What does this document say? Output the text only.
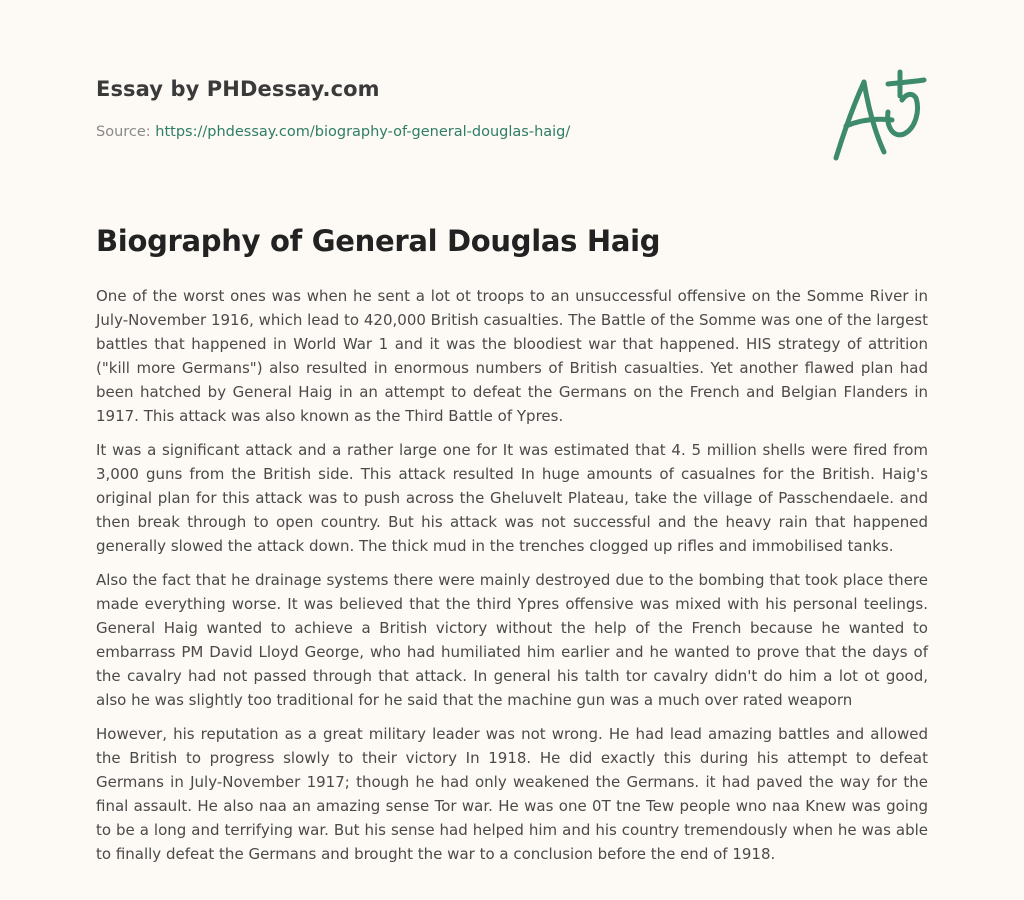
Essay by PHDessay.com
Source: https://phdessay.com/biography-of-general-douglas-haig/
Biography of General Douglas Haig

One of the worst ones was when he sent a lot ot troops to an unsuccessful offensive on the Somme River in July-November 1916, which lead to 420,000 British casualties. The Battle of the Somme was one of the largest battles that happened in World War 1 and it was the bloodiest war that happened. HIS strategy of attrition ("kill more Germans") also resulted in enormous numbers of British casualties. Yet another flawed plan had been hatched by General Haig in an attempt to defeat the Germans on the French and Belgian Flanders in 1917. This attack was also known as the Third Battle of Ypres.

It was a significant attack and a rather large one for It was estimated that 4. 5 million shells were fired from 3,000 guns from the British side. This attack resulted In huge amounts of casualnes for the British. Haig's original plan for this attack was to push across the Gheluvelt Plateau, take the village of Passchendaele. and then break through to open country. But his attack was not successful and the heavy rain that happened generally slowed the attack down. The thick mud in the trenches clogged up rifles and immobilised tanks.

Also the fact that he drainage systems there were mainly destroyed due to the bombing that took place there made everything worse. It was believed that the third Ypres offensive was mixed with his personal teelings. General Haig wanted to achieve a British victory without the help of the French because he wanted to embarrass PM David Lloyd George, who had humiliated him earlier and he wanted to prove that the days of the cavalry had not passed through that attack. In general his talth tor cavalry didn't do him a lot ot good, also he was slightly too traditional for he said that the machine gun was a much over rated weaporn

However, his reputation as a great military leader was not wrong. He had lead amazing battles and allowed the British to progress slowly to their victory In 1918. He did exactly this during his attempt to defeat Germans in July-November 1917; though he had only weakened the Germans. it had paved the way for the final assault. He also naa an amazing sense Tor war. He was one 0T tne Tew people wno naa Knew was going to be a long and terrifying war. But his sense had helped him and his country tremendously when he was able to finally defeat the Germans and brought the war to a conclusion before the end of 1918.
